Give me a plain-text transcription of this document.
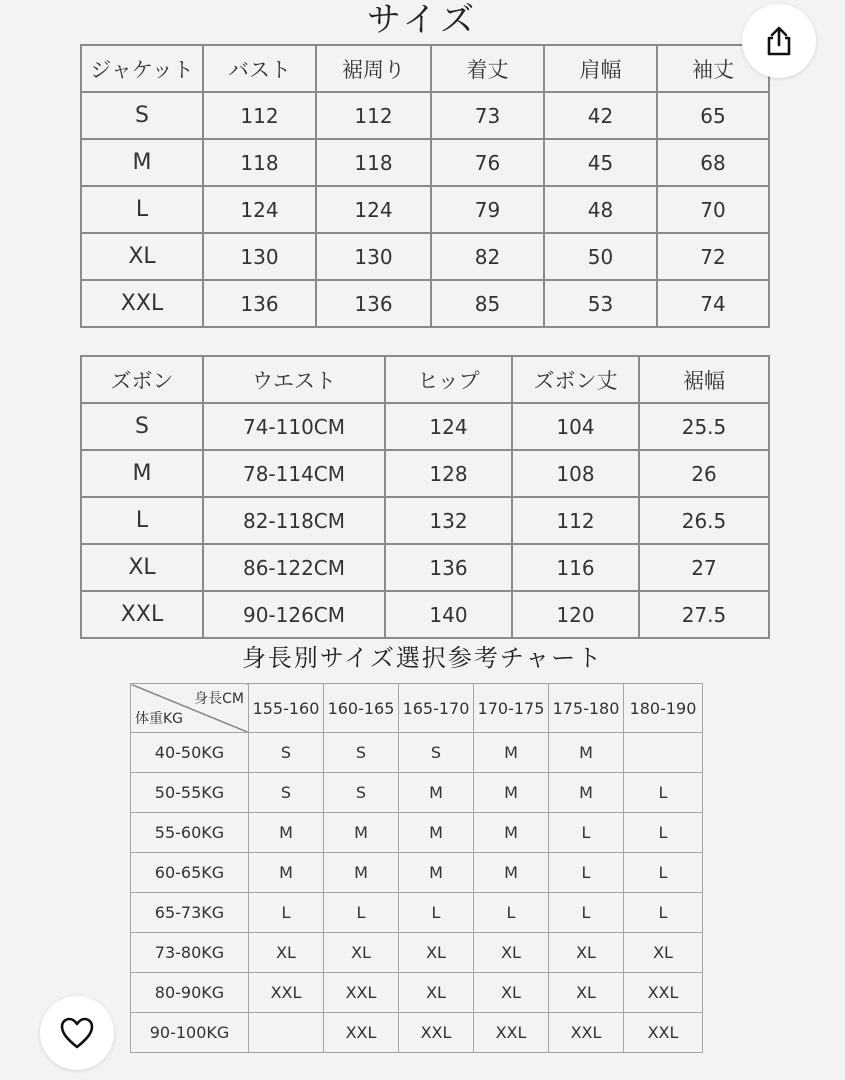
サイズ
ジャケット	バスト	裾周り	着丈	肩幅	袖丈
S	112	112	73	42	65
M	118	118	76	45	68
L	124	124	79	48	70
XL	130	130	82	50	72
XXL	136	136	85	53	74
ズボン	ウエスト	ヒップ	ズボン丈	裾幅
S	74-110CM	124	104	25.5
M	78-114CM	128	108	26
L	82-118CM	132	112	26.5
XL	86-122CM	136	116	27
XXL	90-126CM	140	120	27.5
身長別サイズ選択参考チャート
身長CM
体重KG	155-160	160-165	165-170	170-175	175-180	180-190
40-50KG	S	S	S	M	M	
50-55KG	S	S	M	M	M	L
55-60KG	M	M	M	M	L	L
60-65KG	M	M	M	M	L	L
65-73KG	L	L	L	L	L	L
73-80KG	XL	XL	XL	XL	XL	XL
80-90KG	XXL	XXL	XL	XL	XL	XXL
90-100KG		XXL	XXL	XXL	XXL	XXL
